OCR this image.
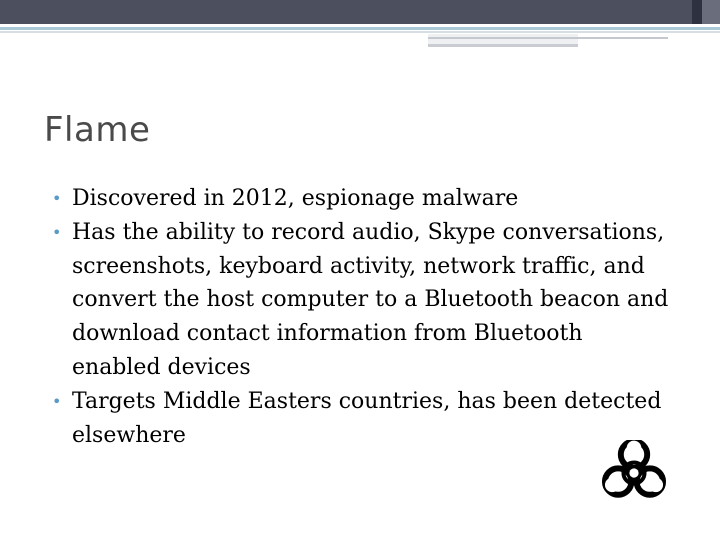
Flame
• Discovered in 2012, espionage malware
• Has the ability to record audio, Skype conversations, screenshots, keyboard activity, network traffic, and convert the host computer to a Bluetooth beacon and download contact information from Bluetooth enabled devices
• Targets Middle Easters countries, has been detected elsewhere
